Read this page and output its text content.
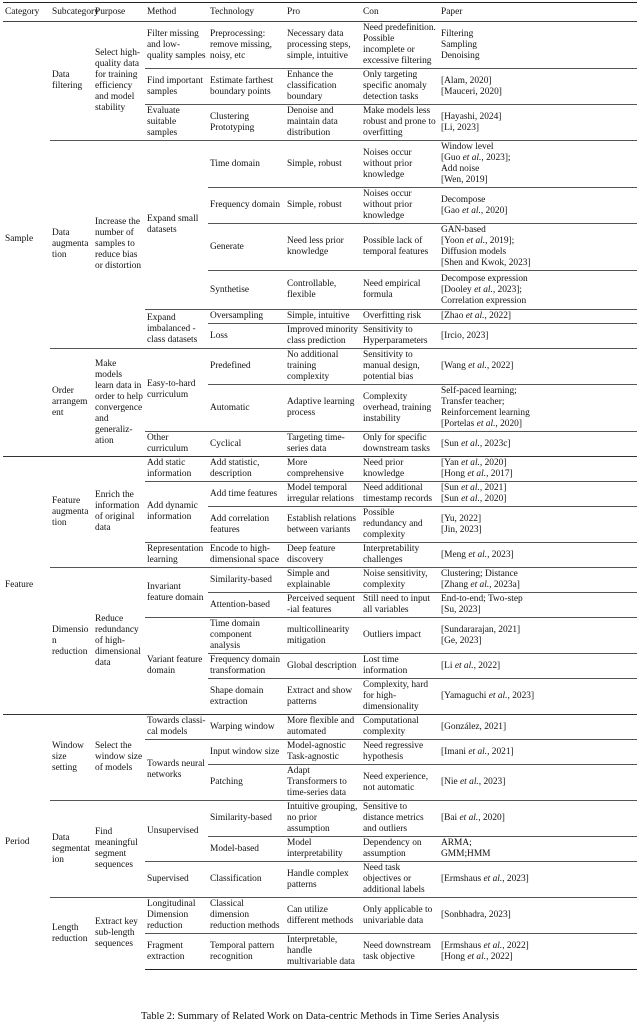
Category	Subcategory	Purpose	Method	Technology	Pro	Con	Paper
Sample	Data filtering	Select high-quality data for training efficiency and model stability	Filter missing and low-quality samples	Preprocessing: remove missing, noisy, etc	Necessary data processing steps, simple, intuitive	Need predefinition. Possible incomplete or excessive filtering	Filtering
Sampling
Denoising
			Find important samples	Estimate farthest boundary points	Enhance the classification boundary	Only targeting specific anomaly detection tasks	[Alam, 2020]
[Mauceri, 2020]
			Evaluate suitable samples	Clustering Prototyping	Denoise and maintain data distribution	Make models less robust and prone to overfitting	[Hayashi, 2024]
[Li, 2023]
	Data augmentation	Increase the number of samples to reduce bias or distortion	Expand small datasets	Time domain	Simple, robust	Noises occur without prior knowledge	Window level
[Guo et al., 2023];
Add noise
[Wen, 2019]
				Frequency domain	Simple, robust	Noises occur without prior knowledge	Decompose
[Gao et al., 2020]
				Generate	Need less prior knowledge	Possible lack of temporal features	GAN-based
[Yoon et al., 2019];
Diffusion models
[Shen and Kwok, 2023]
				Synthetise	Controllable, flexible	Need empirical formula	Decompose expression
[Dooley et al., 2023];
Correlation expression
			Expand imbalanced -class datasets	Oversampling	Simple, intuitive	Overfitting risk	[Zhao et al., 2022]
				Loss	Improved minority class prediction	Sensitivity to Hyperparameters	[Ircio, 2023]
	Order arrangement	Make models learn data in order to help convergence and generaliz-ation	Easy-to-hard curriculum	Predefined	No additional training complexity	Sensitivity to manual design, potential bias	[Wang et al., 2022]
				Automatic	Adaptive learning process	Complexity overhead, training instability	Self-paced learning;
Transfer teacher;
Reinforcement learning
[Portelas et al., 2020]
			Other curriculum	Cyclical	Targeting time-series data	Only for specific downstream tasks	[Sun et al., 2023c]
Feature	Feature augmentation	Enrich the information of original data	Add static information	Add statistic, description	More comprehensive	Need prior knowledge	[Yan et al., 2020]
[Hong et al., 2017]
			Add dynamic information	Add time features	Model temporal irregular relations	Need additional timestamp records	[Sun et al., 2021]
[Sun et al., 2020]
				Add correlation features	Establish relations between variants	Possible redundancy and complexity	[Yu, 2022]
[Jin, 2023]
			Representation learning	Encode to high-dimensional space	Deep feature discovery	Interpretability challenges	[Meng et al., 2023]
	Dimension reduction	Reduce redundancy of high-dimensional data	Invariant feature domain	Similarity-based	Simple and explainable	Noise sensitivity, complexity	Clustering; Distance
[Zhang et al., 2023a]
				Attention-based	Perceived sequent -ial features	Still need to input all variables	End-to-end; Two-step
[Su, 2023]
			Variant feature domain	Time domain component analysis	multicollinearity mitigation	Outliers impact	[Sundararajan, 2021]
[Ge, 2023]
				Frequency domain transformation	Global description	Lost time information	[Li et al., 2022]
				Shape domain extraction	Extract and show patterns	Complexity, hard for high-dimensionality	[Yamaguchi et al., 2023]
Period	Window size setting	Select the window size of models	Towards classi-cal models	Warping window	More flexible and automated	Computational complexity	[González, 2021]
			Towards neural networks	Input window size	Model-agnostic Task-agnostic	Need regressive hypothesis	[Imani et al., 2021]
				Patching	Adapt Transformers to time-series data	Need experience, not automatic	[Nie et al., 2023]
	Data segmentation	Find meaningful segment sequences	Unsupervised	Similarity-based	Intuitive grouping, no prior assumption	Sensitive to distance metrics and outliers	[Bai et al., 2020]
				Model-based	Model interpretability	Dependency on assumption	ARMA;
GMM;HMM
			Supervised	Classification	Handle complex patterns	Need task objectives or additional labels	[Ermshaus et al., 2023]
	Length reduction	Extract key sub-length sequences	Longitudinal Dimension reduction	Classical dimension reduction methods	Can utilize different methods	Only applicable to univariable data	[Sonbhadra, 2023]
			Fragment extraction	Temporal pattern recognition	Interpretable, handle multivariable data	Need downstream task objective	[Ermshaus et al., 2022]
[Hong et al., 2022]
Table 2: Summary of Related Work on Data-centric Methods in Time Series Analysis
